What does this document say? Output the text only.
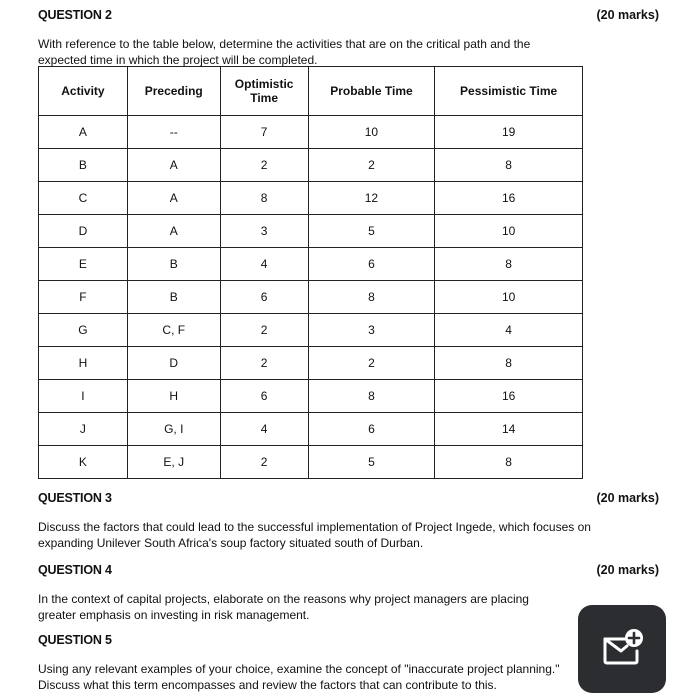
QUESTION 2	(20 marks)
With reference to the table below, determine the activities that are on the critical path and the expected time in which the project will be completed.
Activity	Preceding	Optimistic Time	Probable Time	Pessimistic Time
A	--	7	10	19
B	A	2	2	8
C	A	8	12	16
D	A	3	5	10
E	B	4	6	8
F	B	6	8	10
G	C, F	2	3	4
H	D	2	2	8
I	H	6	8	16
J	G, I	4	6	14
K	E, J	2	5	8
QUESTION 3	(20 marks)
Discuss the factors that could lead to the successful implementation of Project Ingede, which focuses on expanding Unilever South Africa's soup factory situated south of Durban.
QUESTION 4	(20 marks)
In the context of capital projects, elaborate on the reasons why project managers are placing greater emphasis on investing in risk management.
QUESTION 5
Using any relevant examples of your choice, examine the concept of "inaccurate project planning." Discuss what this term encompasses and review the factors that can contribute to this.
